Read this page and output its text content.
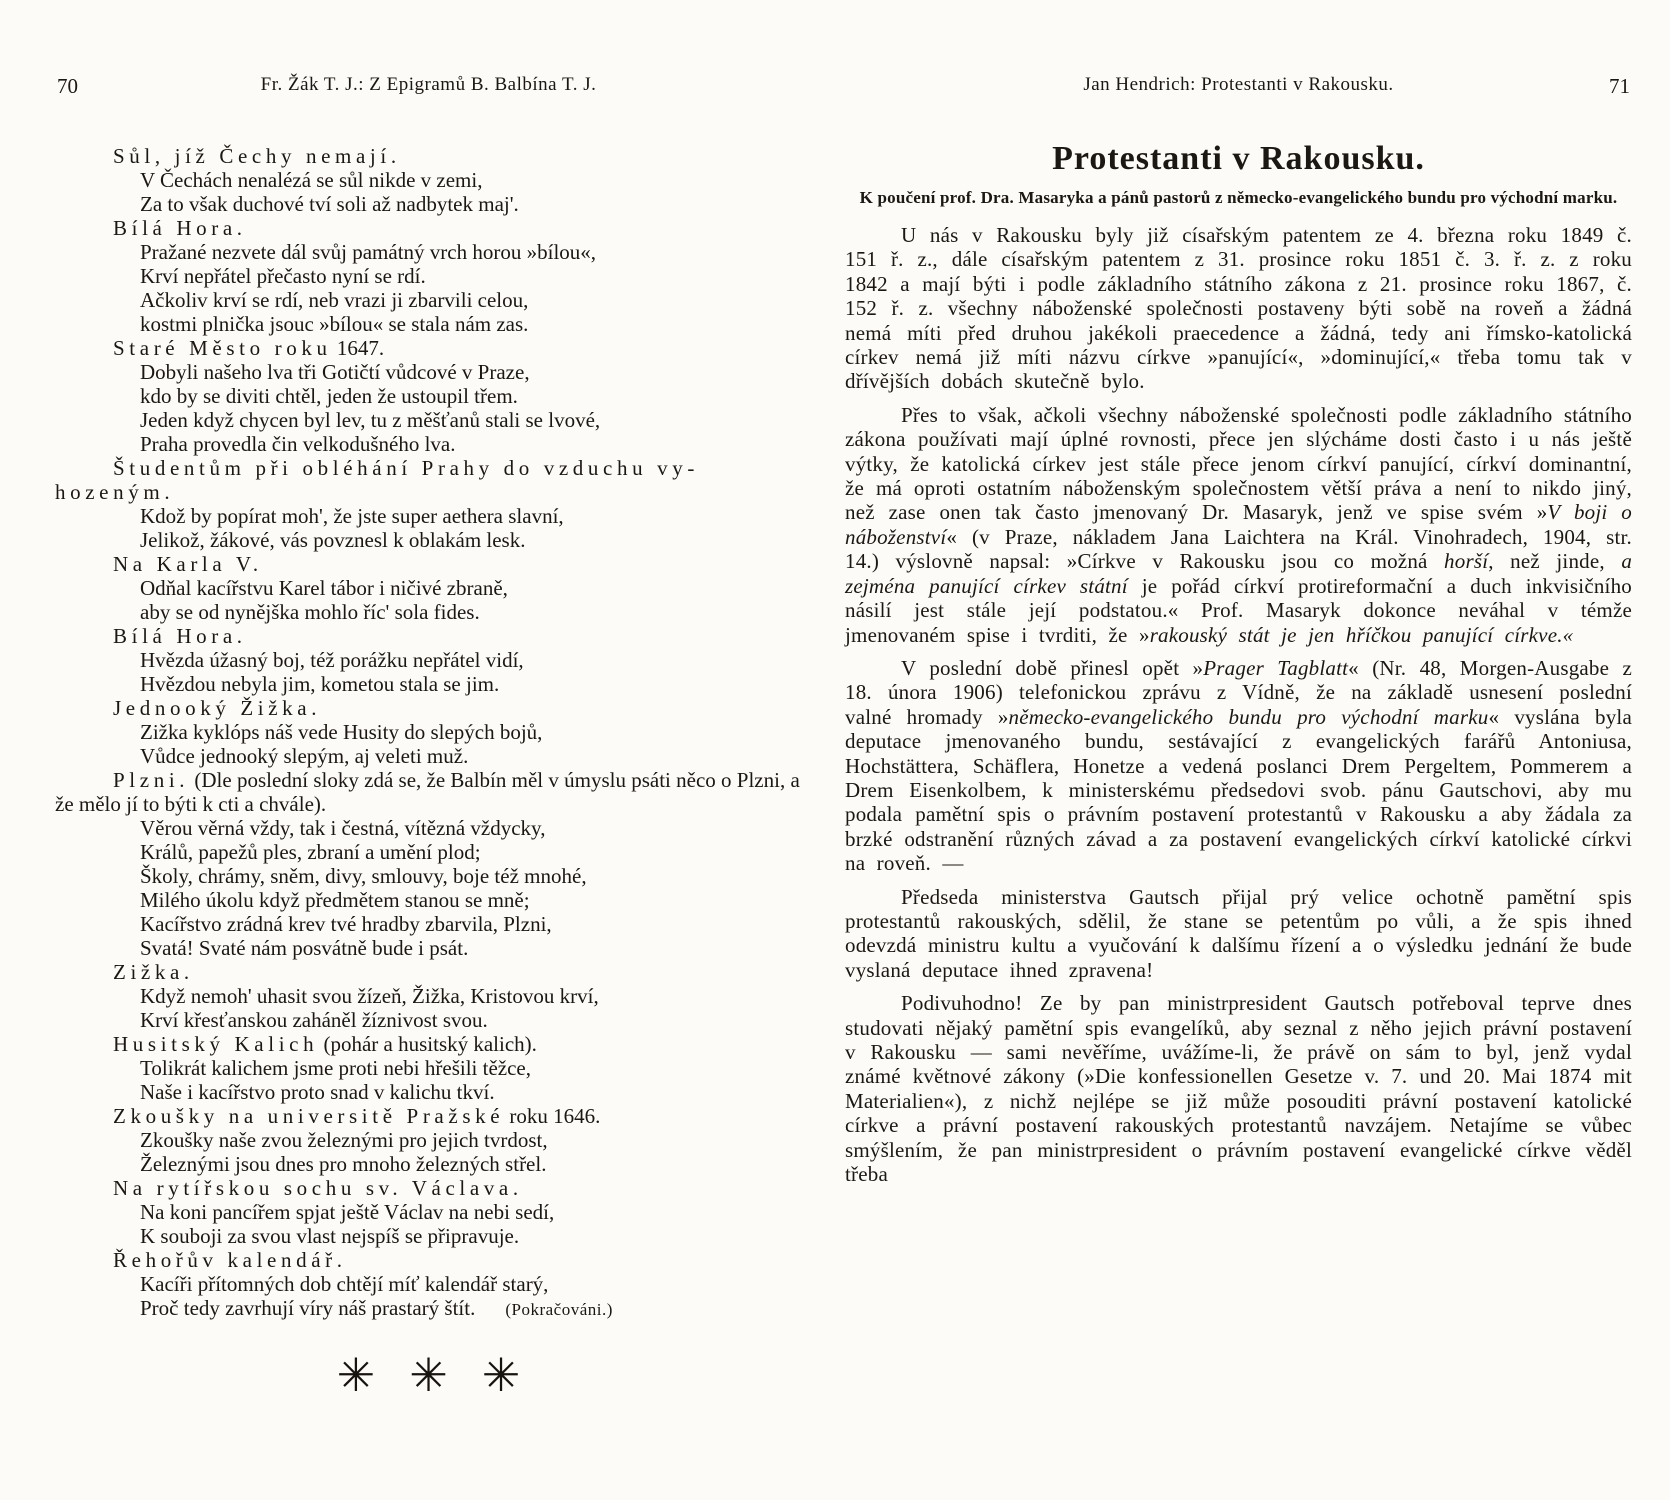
70	Fr. Žák T. J.: Z Epigramů B. Balbína T. J.

Sůl, jíž Čechy nemají.

V Čechách nenalézá se sůl nikde v zemi,
Za to však duchové tví soli až nadbytek maj'.

Bílá Hora.

Pražané nezvete dál svůj památný vrch horou »bílou«,
Krví nepřátel přečasto nyní se rdí.
Ačkoliv krví se rdí, neb vrazi ji zbarvili celou,
kostmi plnička jsouc »bílou« se stala nám zas.

Staré Město roku 1647.

Dobyli našeho lva tři Gotičtí vůdcové v Praze,
kdo by se diviti chtěl, jeden že ustoupil třem.
Jeden když chycen byl lev, tu z měšťanů stali se lvové,
Praha provedla čin velkodušného lva.

Študentům při obléhání Prahy do vzduchu vy-
hozeným.

Kdož by popírat moh', že jste super aethera slavní,
Jelikož, žákové, vás povznesl k oblakám lesk.

Na Karla V.

Odňal kacířstvu Karel tábor i ničivé zbraně,
aby se od nynějška mohlo říc' sola fides.

Bílá Hora.

Hvězda úžasný boj, též porážku nepřátel vidí,
Hvězdou nebyla jim, kometou stala se jim.

Jednooký Žižka.

Zižka kyklóps náš vede Husity do slepých bojů,
Vůdce jednooký slepým, aj veleti muž.

Plzni. (Dle poslední sloky zdá se, že Balbín měl v úmyslu psáti něco o Plzni, a že mělo jí to býti k cti a chvále).

Věrou věrná vždy, tak i čestná, vítězná vždycky,
Králů, papežů ples, zbraní a umění plod;
Školy, chrámy, sněm, divy, smlouvy, boje též mnohé,
Milého úkolu když předmětem stanou se mně;
Kacířstvo zrádná krev tvé hradby zbarvila, Plzni,
Svatá! Svaté nám posvátně bude i psát.

Zižka.

Když nemoh' uhasit svou žízeň, Žižka, Kristovou krví,
Krví křesťanskou zaháněl žíznivost svou.

Husitský Kalich (pohár a husitský kalich).

Tolikrát kalichem jsme proti nebi hřešili těžce,
Naše i kacířstvo proto snad v kalichu tkví.

Zkoušky na universitě Pražské roku 1646.

Zkoušky naše zvou železnými pro jejich tvrdost,
Železnými jsou dnes pro mnoho železných střel.

Na rytířskou sochu sv. Václava.

Na koni pancířem spjat ještě Václav na nebi sedí,
K souboji za svou vlast nejspíš se připravuje.

Řehořův kalendář.

Kacíři přítomných dob chtějí míť kalendář starý,
Proč tedy zavrhují víry náš prastarý štít. (Pokračováni.)
✳ ✳ ✳
Jan Hendrich: Protestanti v Rakousku.	71
Protestanti v Rakousku.

K poučení prof. Dra. Masaryka a pánů pastorů z německo-evangelického bundu pro východní marku.

U nás v Rakousku byly již císařským patentem ze 4. března roku 1849 č. 151 ř. z., dále císařským patentem z 31. prosince roku 1851 č. 3. ř. z. z roku 1842 a mají býti i podle základního státního zákona z 21. prosince roku 1867, č. 152 ř. z. všechny náboženské společnosti postaveny býti sobě na roveň a žádná nemá míti před druhou jakékoli praecedence a žádná, tedy ani římsko-katolická církev nemá již míti názvu církve »panující«, »dominující,« třeba tomu tak v dřívějších dobách skutečně bylo.

Přes to však, ačkoli všechny náboženské společnosti podle základního státního zákona používati mají úplné rovnosti, přece jen slýcháme dosti často i u nás ještě výtky, že katolická církev jest stále přece jenom církví panující, církví dominantní, že má oproti ostatním náboženským společnostem větší práva a není to nikdo jiný, než zase onen tak často jmenovaný Dr. Masaryk, jenž ve spise svém »V boji o náboženství« (v Praze, nákladem Jana Laichtera na Král. Vinohradech, 1904, str. 14.) výslovně napsal: »Církve v Rakousku jsou co možná horší, než jinde, a zejména panující církev státní je pořád církví protireformační a duch inkvisičního násilí jest stále její podstatou.« Prof. Masaryk dokonce neváhal v témže jmenovaném spise i tvrditi, že »rakouský stát je jen hříčkou panující církve.«

V poslední době přinesl opět »Prager Tagblatt« (Nr. 48, Morgen-Ausgabe z 18. února 1906) telefonickou zprávu z Vídně, že na základě usnesení poslední valné hromady »německo-evangelického bundu pro východní marku« vyslána byla deputace jmenovaného bundu, sestávající z evangelických farářů Antoniusa, Hochstättera, Schäflera, Honetze a vedená poslanci Drem Pergeltem, Pommerem a Drem Eisenkolbem, k ministerskému předsedovi svob. pánu Gautschovi, aby mu podala pamětní spis o právním postavení protestantů v Rakousku a aby žádala za brzké odstranění různých závad a za postavení evangelických církví katolické církvi na roveň. —

Předseda ministerstva Gautsch přijal prý velice ochotně pamětní spis protestantů rakouských, sdělil, že stane se petentům po vůli, a že spis ihned odevzdá ministru kultu a vyučování k dalšímu řízení a o výsledku jednání že bude vyslaná deputace ihned zpravena!

Podivuhodno! Ze by pan ministrpresident Gautsch potřeboval teprve dnes studovati nějaký pamětní spis evangelíků, aby seznal z něho jejich právní postavení v Rakousku — sami nevěříme, uvážíme-li, že právě on sám to byl, jenž vydal známé květnové zákony (»Die konfessionellen Gesetze v. 7. und 20. Mai 1874 mit Materialien«), z nichž nejlépe se již může posouditi právní postavení katolické církve a právní postavení rakouských protestantů navzájem. Netajíme se vůbec smýšlením, že pan ministrpresident o právním postavení evangelické církve věděl třeba
